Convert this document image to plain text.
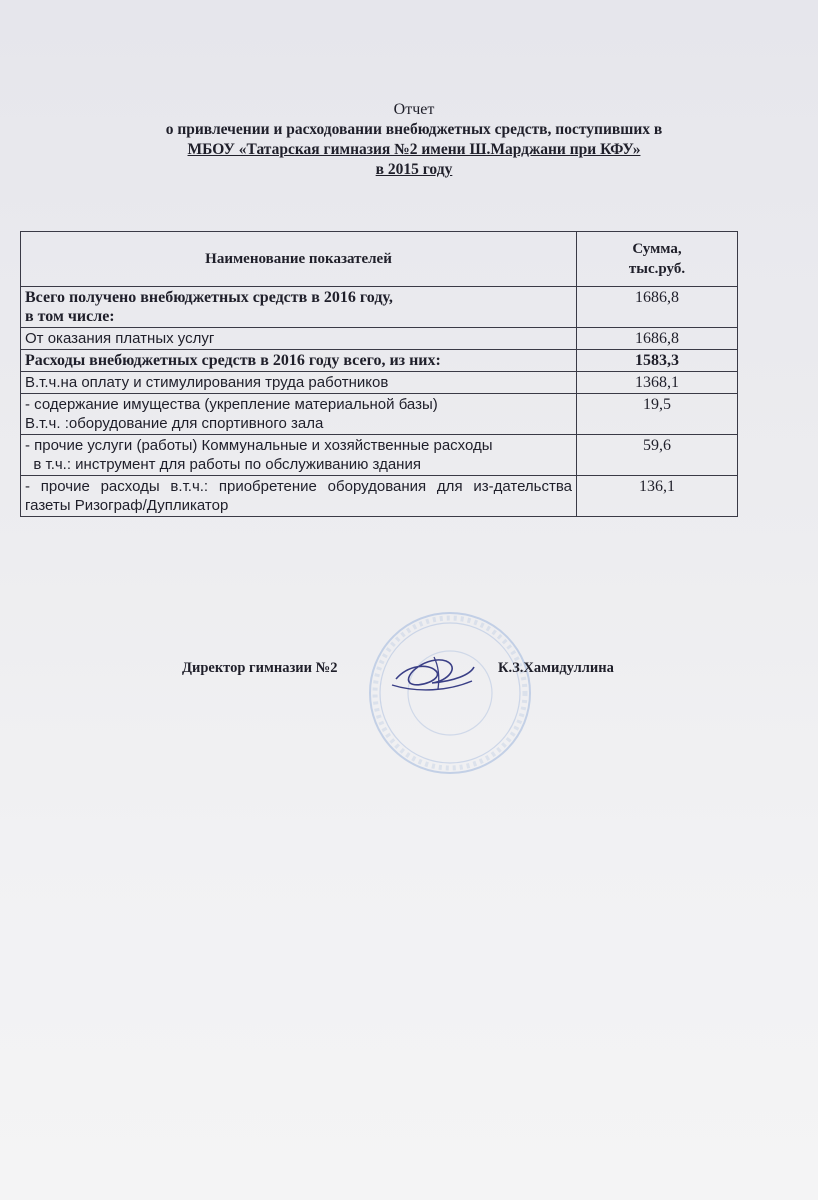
Отчет
о привлечении и расходовании внебюджетных средств, поступивших в
МБОУ «Татарская гимназия №2 имени Ш.Марджани при КФУ»
в 2015 году
Наименование показателей	Сумма,
тыс.руб.
Всего получено внебюджетных средств в 2016 году,
в том числе:	1686,8
От оказания платных услуг	1686,8
Расходы внебюджетных средств в 2016 году всего, из них:	1583,3
В.т.ч.на оплату и стимулирования труда работников	1368,1
- содержание имущества (укрепление материальной базы)
В.т.ч. :оборудование для спортивного зала	19,5
- прочие услуги (работы) Коммунальные и хозяйственные расходы
в т.ч.: инструмент для работы по обслуживанию здания	59,6
- прочие расходы в.т.ч.: приобретение оборудования для из-дательства газеты Ризограф/Дупликатор	136,1
Директор гимназии №2	К.З.Хамидуллина
